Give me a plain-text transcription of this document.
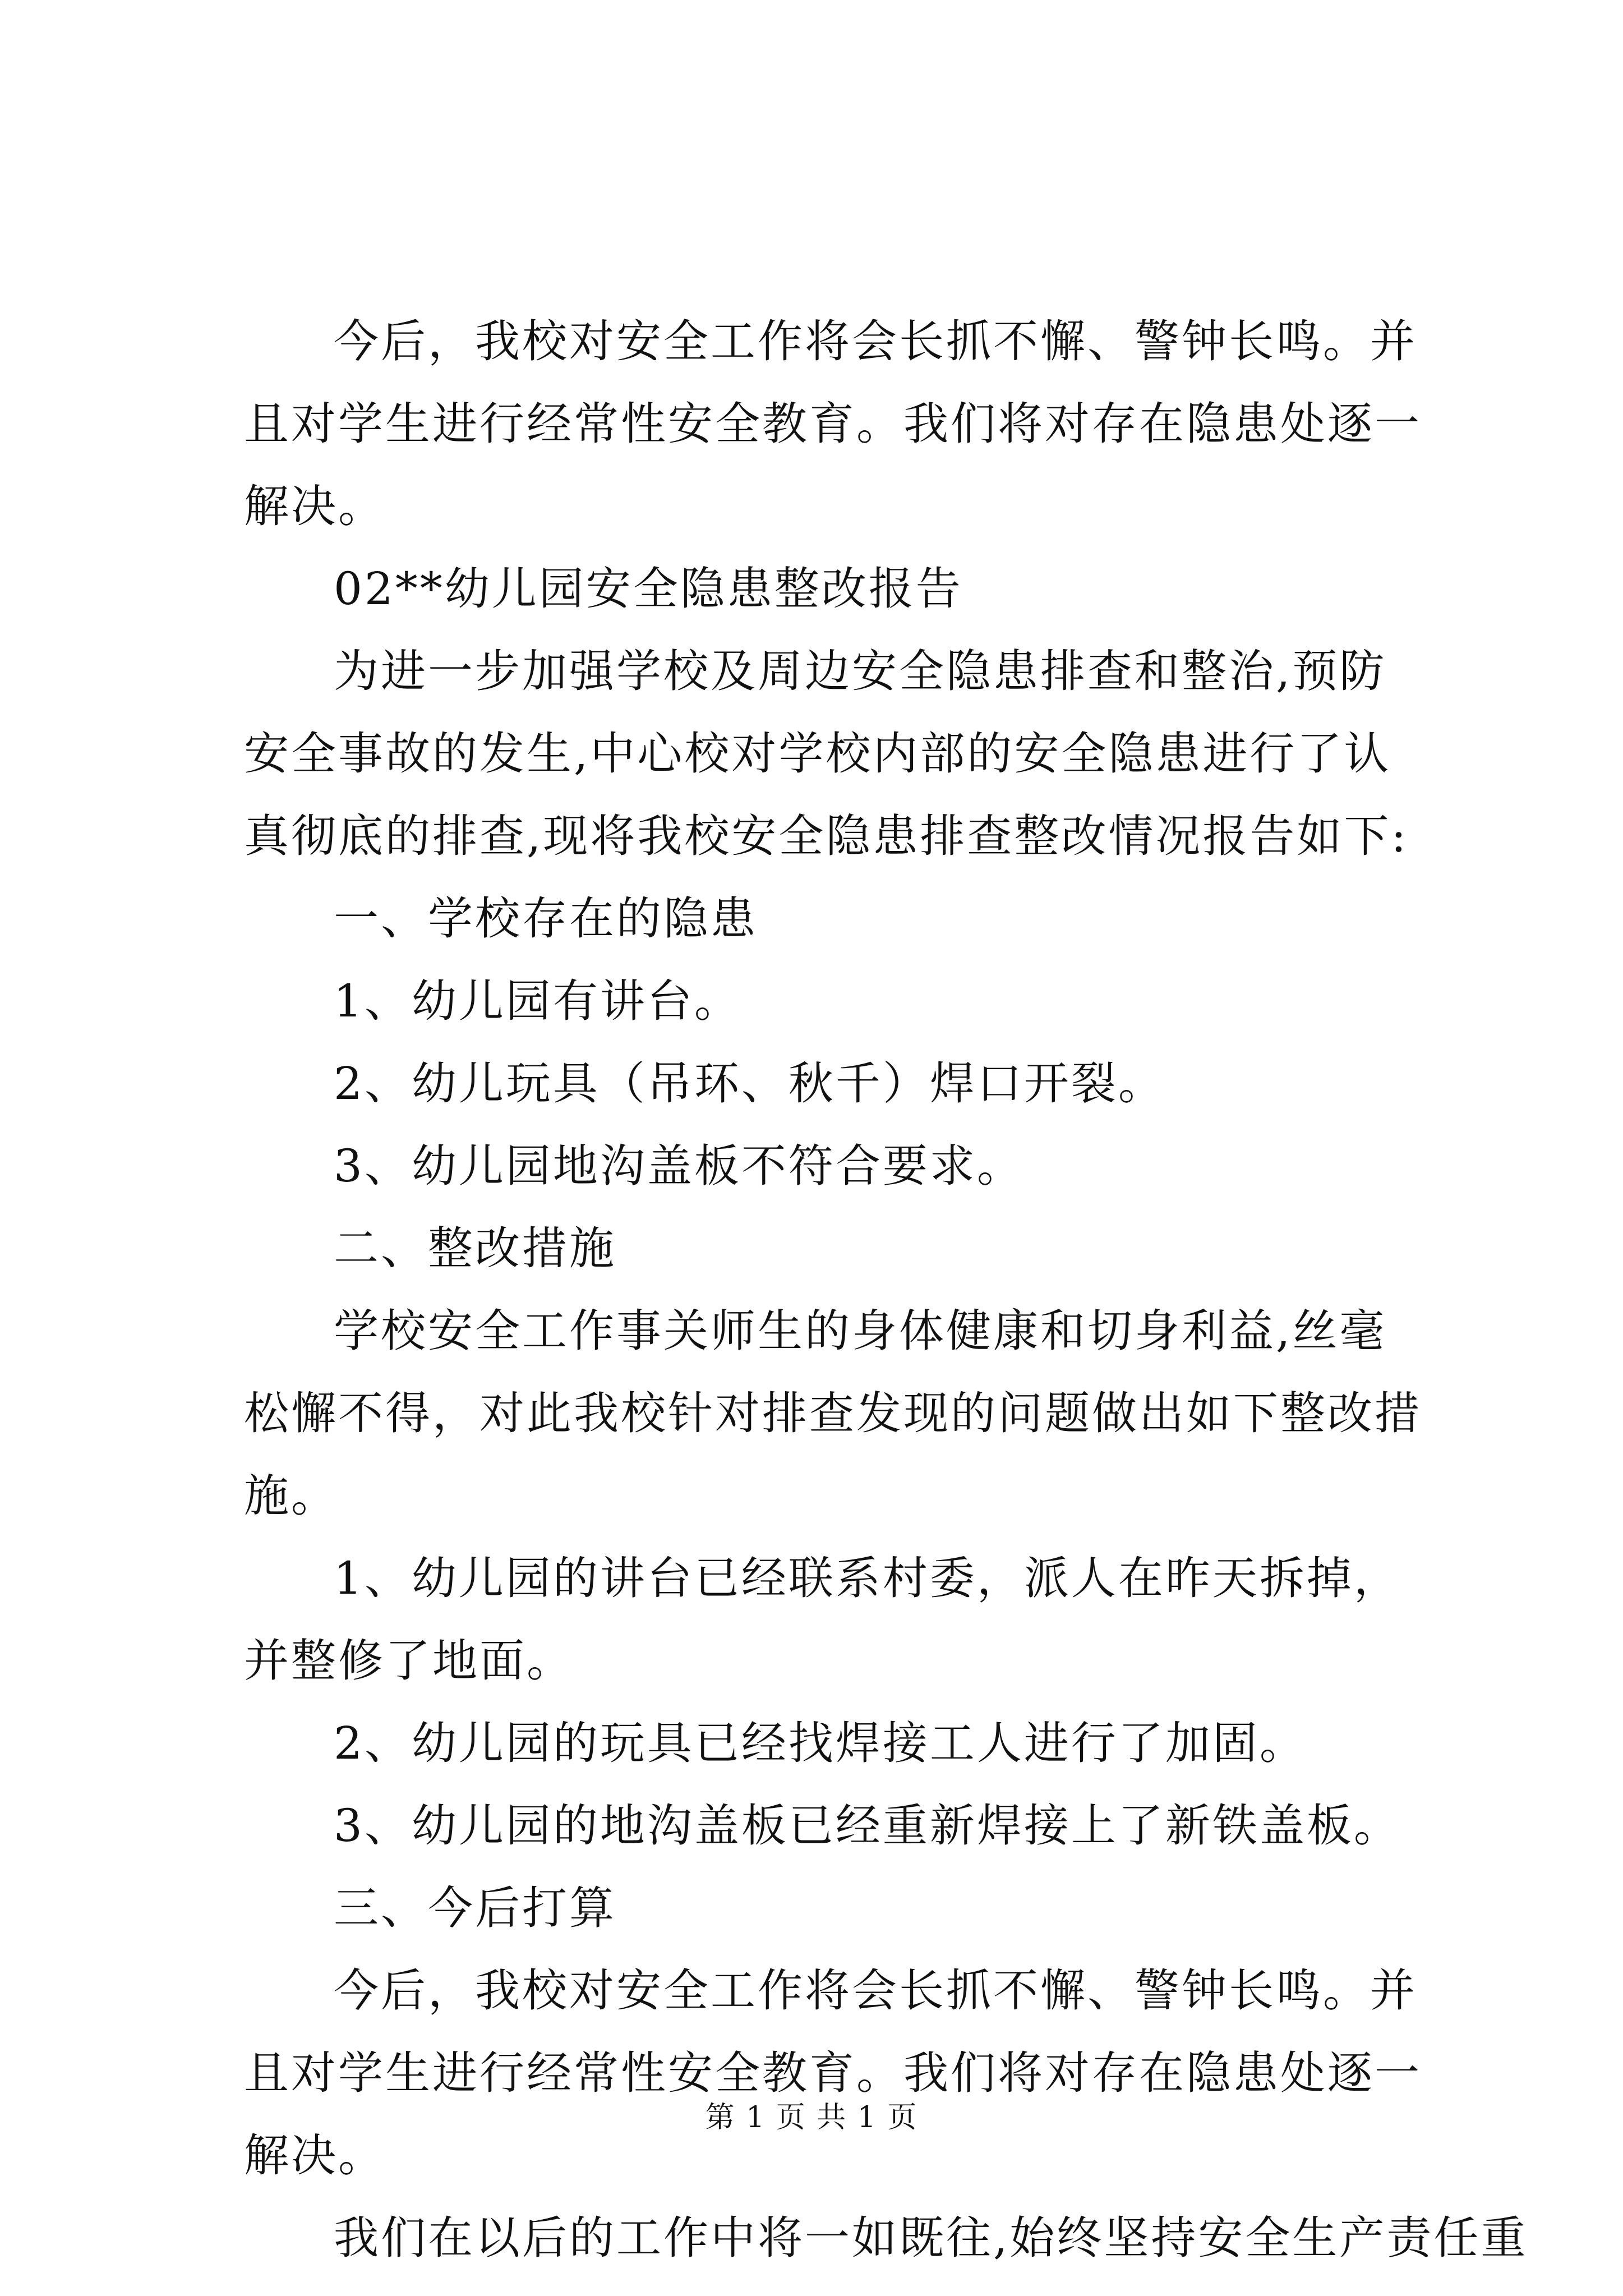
今后，我校对安全工作将会长抓不懈、警钟长鸣。并且对学生进行经常性安全教育。我们将对存在隐患处逐一解决。

02**幼儿园安全隐患整改报告

为进一步加强学校及周边安全隐患排查和整治,预防安全事故的发生,中心校对学校内部的安全隐患进行了认真彻底的排查,现将我校安全隐患排查整改情况报告如下:

一、学校存在的隐患

1、幼儿园有讲台。

2、幼儿玩具（吊环、秋千）焊口开裂。

3、幼儿园地沟盖板不符合要求。

二、整改措施

学校安全工作事关师生的身体健康和切身利益,丝毫松懈不得，对此我校针对排查发现的问题做出如下整改措施。

1、幼儿园的讲台已经联系村委，派人在昨天拆掉，并整修了地面。

2、幼儿园的玩具已经找焊接工人进行了加固。

3、幼儿园的地沟盖板已经重新焊接上了新铁盖板。

三、今后打算

今后，我校对安全工作将会长抓不懈、警钟长鸣。并且对学生进行经常性安全教育。我们将对存在隐患处逐一解决。

我们在以后的工作中将一如既往,始终坚持安全生产责任重

第 1 页 共 1 页
